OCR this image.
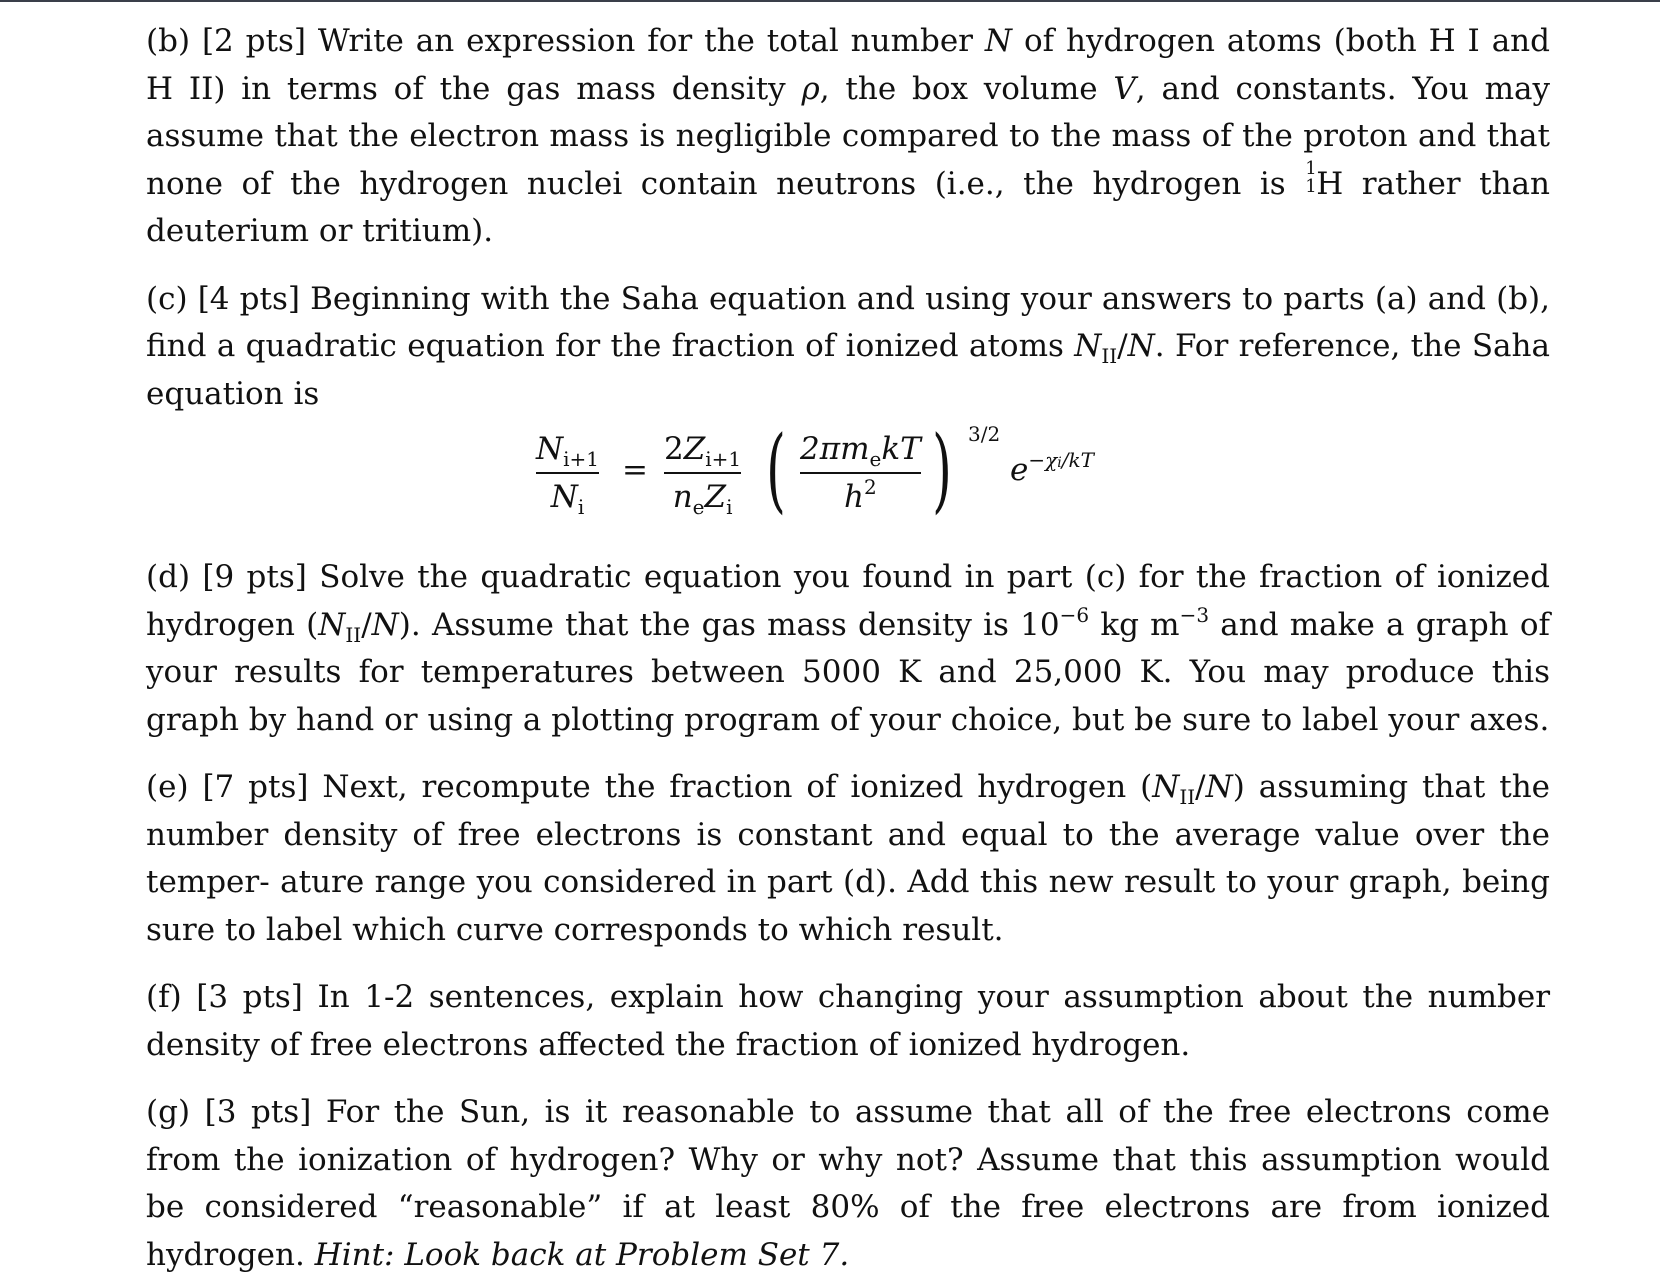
(b) [2 pts] Write an expression for the total number N of hydrogen atoms (both H I and H II) in terms of the gas mass density ρ, the box volume V, and constants. You may assume that the electron mass is negligible compared to the mass of the proton and that none of the hydrogen nuclei contain neutrons (i.e., the hydrogen is 1
1 H rather than deuterium or tritium).

(c) [4 pts] Beginning with the Saha equation and using your answers to parts (a) and (b), find a quadratic equation for the fraction of ionized atoms $N_{II}/N$. For reference, the Saha equation is

$N_{i+1}$
$N_i$
=
$2Z_{i+1}$
$n_eZ_i$ ( $2\pi m_ekT$
$h^2$ ) 3/2
$e^{-\chi i/kT}$

(d) [9 pts] Solve the quadratic equation you found in part (c) for the fraction of ionized hydrogen $(N_{II}/N)$. Assume that the gas mass density is $10^{-6}$ kg $m^{-3}$ and make a graph of your results for temperatures between 5000 K and 25,000 K. You may produce this graph by hand or using a plotting program of your choice, but be sure to label your axes.

(e) [7 pts] Next, recompute the fraction of ionized hydrogen $(N_{II}/N)$ assuming that the number density of free electrons is constant and equal to the average value over the temper- ature range you considered in part (d). Add this new result to your graph, being sure to label which curve corresponds to which result.

(f) [3 pts] In 1-2 sentences, explain how changing your assumption about the number density of free electrons affected the fraction of ionized hydrogen.

(g) [3 pts] For the Sun, is it reasonable to assume that all of the free electrons come from the ionization of hydrogen? Why or why not? Assume that this assumption would be considered “reasonable” if at least 80% of the free electrons are from ionized hydrogen. Hint: Look back at Problem Set 7.
